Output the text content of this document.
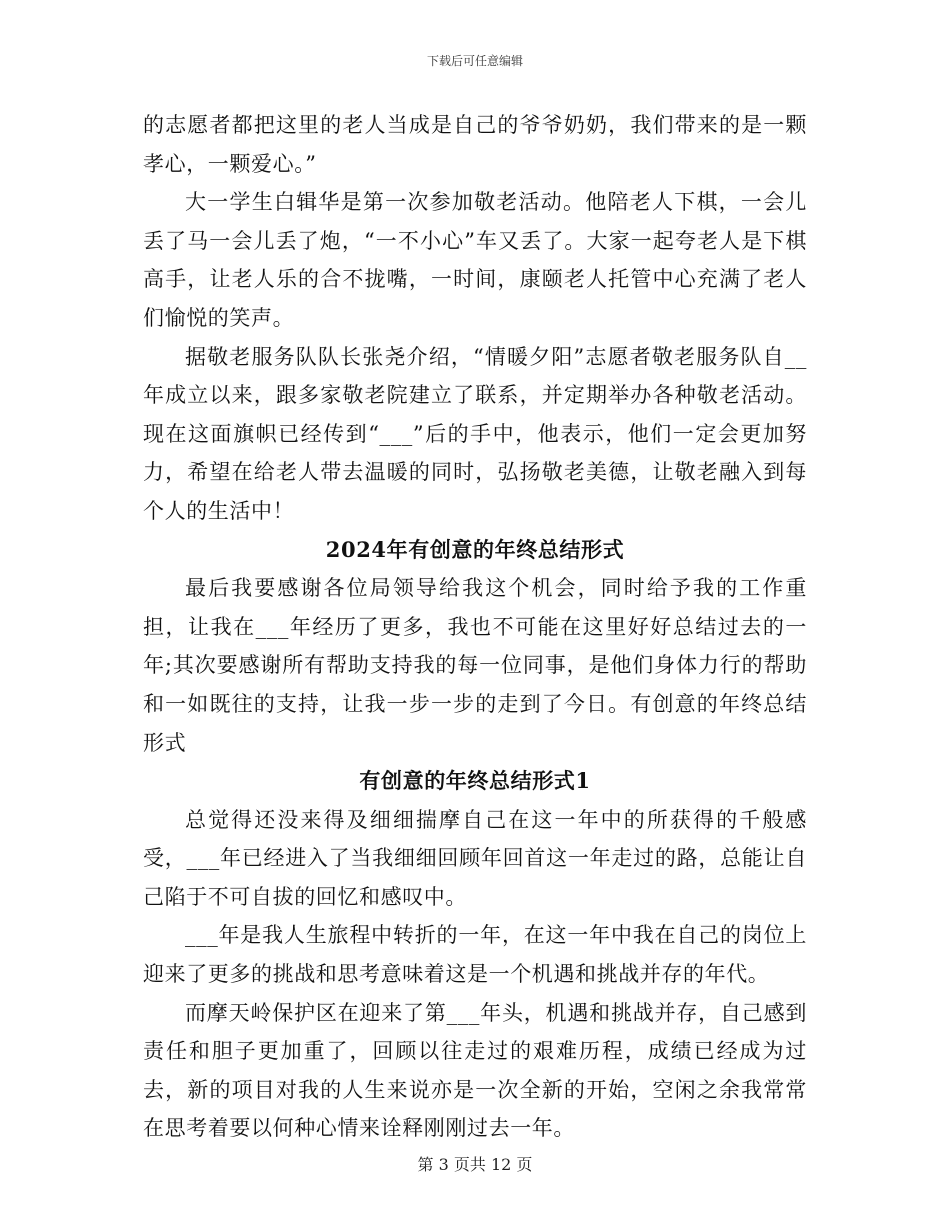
下载后可任意编辑

的志愿者都把这里的老人当成是自己的爷爷奶奶，我们带来的是一颗孝心，一颗爱心。”

大一学生白辑华是第一次参加敬老活动。他陪老人下棋，一会儿丢了马一会儿丢了炮，“一不小心”车又丢了。大家一起夸老人是下棋高手，让老人乐的合不拢嘴，一时间，康颐老人托管中心充满了老人们愉悦的笑声。

据敬老服务队队长张尧介绍，“情暖夕阳”志愿者敬老服务队自__年成立以来，跟多家敬老院建立了联系，并定期举办各种敬老活动。现在这面旗帜已经传到“___”后的手中，他表示，他们一定会更加努力，希望在给老人带去温暖的同时，弘扬敬老美德，让敬老融入到每个人的生活中！

2024年有创意的年终总结形式

最后我要感谢各位局领导给我这个机会，同时给予我的工作重担，让我在___年经历了更多，我也不可能在这里好好总结过去的一年;其次要感谢所有帮助支持我的每一位同事，是他们身体力行的帮助和一如既往的支持，让我一步一步的走到了今日。有创意的年终总结形式

有创意的年终总结形式1

总觉得还没来得及细细揣摩自己在这一年中的所获得的千般感受，___年已经进入了当我细细回顾年回首这一年走过的路，总能让自己陷于不可自拔的回忆和感叹中。

___年是我人生旅程中转折的一年，在这一年中我在自己的岗位上迎来了更多的挑战和思考意味着这是一个机遇和挑战并存的年代。

而摩天岭保护区在迎来了第___年头，机遇和挑战并存，自己感到责任和胆子更加重了，回顾以往走过的艰难历程，成绩已经成为过去，新的项目对我的人生来说亦是一次全新的开始，空闲之余我常常在思考着要以何种心情来诠释刚刚过去一年。

第 3 页共 12 页
